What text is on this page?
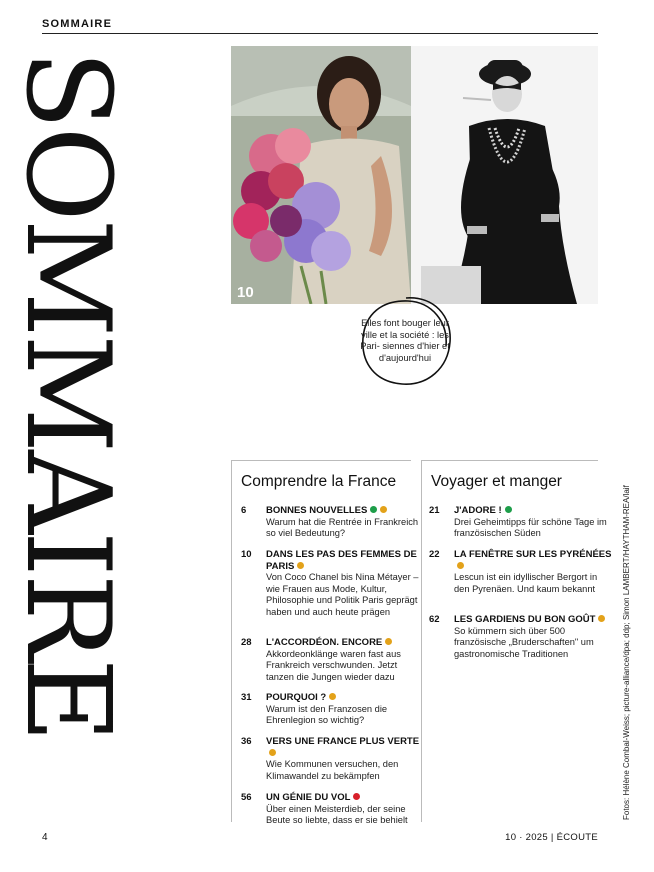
SOMMAIRE
SOMMAIRE	10
Elles font bouger leur ville et la société : les Pari- siennes d'hier et d'aujourd'hui
Comprendre la France Voyager et manger
6 BONNES NOUVELLES
Warum hat die Rentrée in Frankreich so viel Bedeutung?
10 DANS LES PAS DES FEMMES DE PARIS
Von Coco Chanel bis Nina Métayer – wie Frauen aus Mode, Kultur, Philosophie und Politik Paris geprägt haben und auch heute prägen
28 L'ACCORDÉON. ENCORE
Akkordeonklänge waren fast aus Frankreich verschwunden. Jetzt tanzen die Jungen wieder dazu
31 POURQUOI ?
Warum ist den Franzosen die Ehrenlegion so wichtig?
36 VERS UNE FRANCE PLUS VERTE
Wie Kommunen versuchen, den Klimawandel zu bekämpfen
56 UN GÉNIE DU VOL
Über einen Meisterdieb, der seine Beute so liebte, dass er sie behielt
21 J'ADORE !
Drei Geheimtipps für schöne Tage im französischen Süden
22 LA FENÊTRE SUR LES PYRÉNÉES
Lescun ist ein idyllischer Bergort in den Pyrenäen. Und kaum bekannt
62 LES GARDIENS DU BON GOÛT
So kümmern sich über 500 französische „Bruderschaften" um gastronomische Traditionen
4	10 · 2025 | ÉCOUTE
Fotos: Hélène Combal-Weiss; picture-alliance/dpa; ddp; Simon LAMBERT/HAYTHAM-REA/laif
